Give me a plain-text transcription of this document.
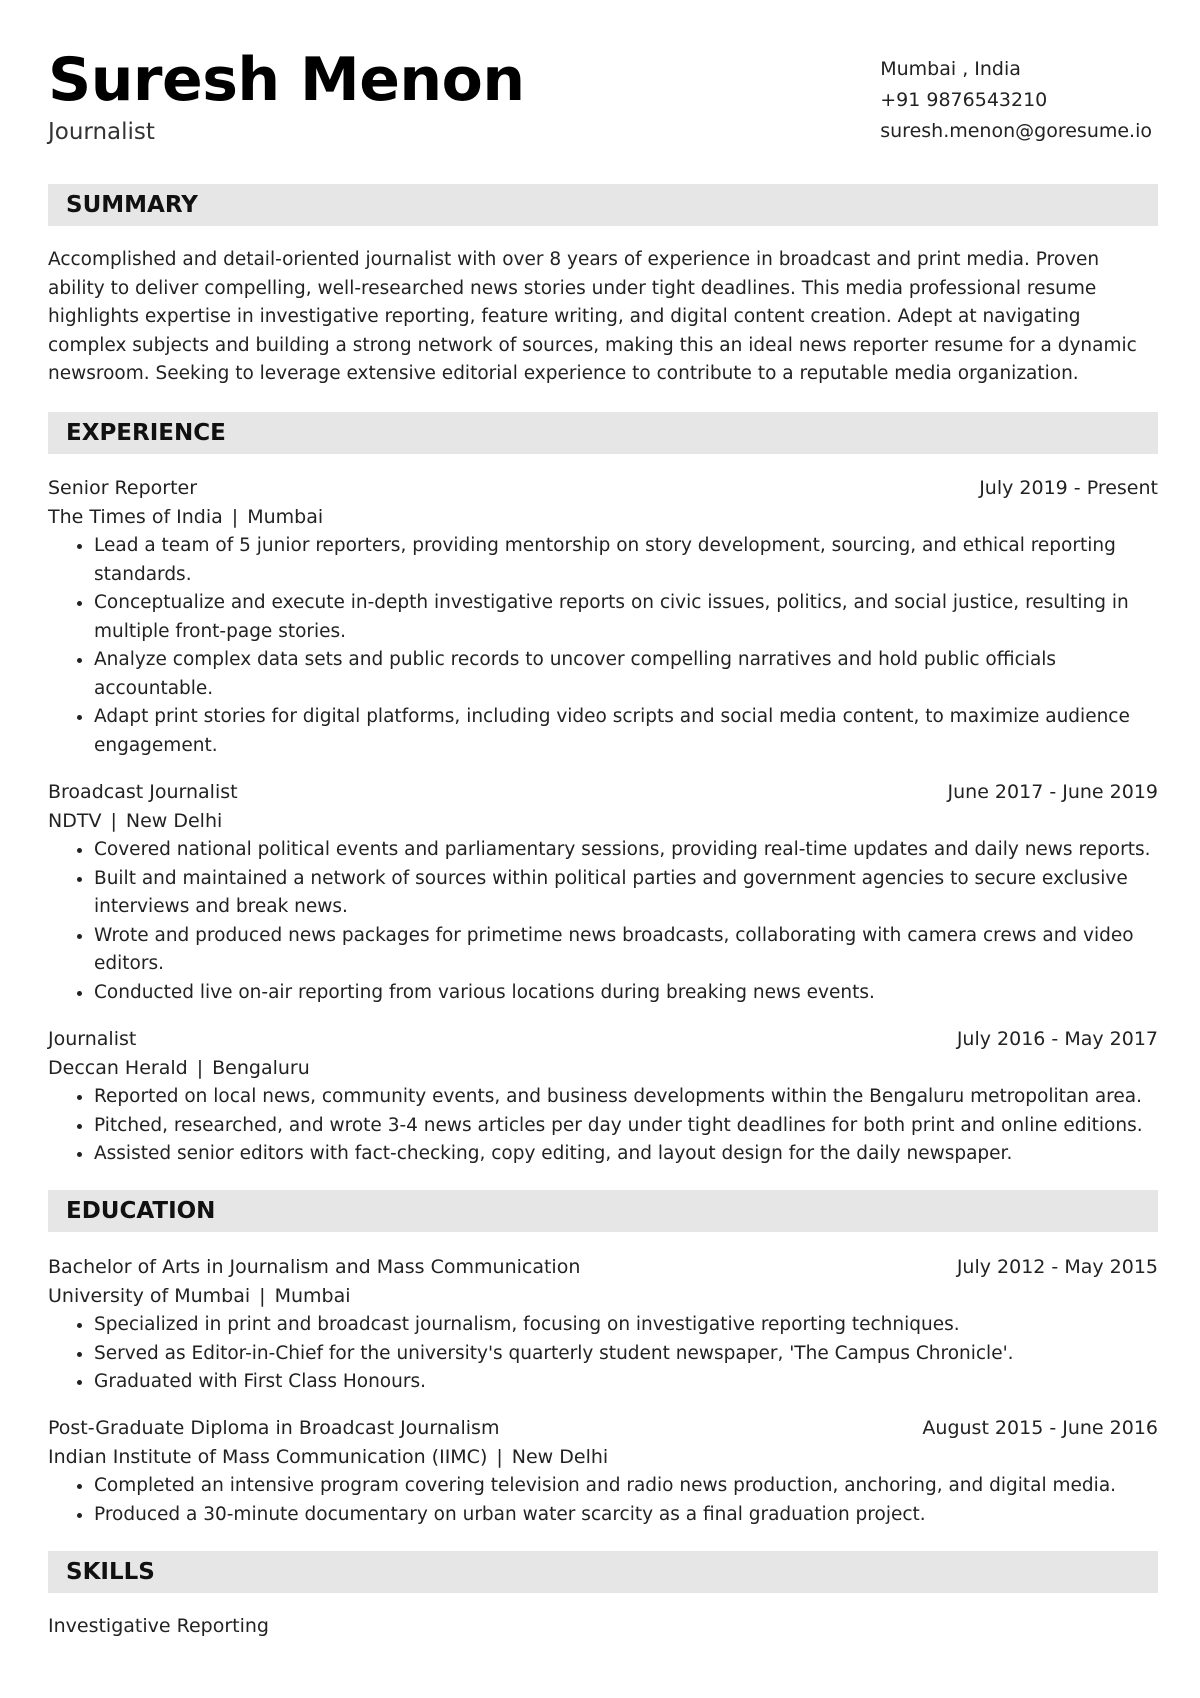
Suresh Menon
Journalist
Mumbai , India
+91 9876543210
suresh.menon@goresume.io
SUMMARY

Accomplished and detail-oriented journalist with over 8 years of experience in broadcast and print media. Proven ability to deliver compelling, well-researched news stories under tight deadlines. This media professional resume highlights expertise in investigative reporting, feature writing, and digital content creation. Adept at navigating complex subjects and building a strong network of sources, making this an ideal news reporter resume for a dynamic newsroom. Seeking to leverage extensive editorial experience to contribute to a reputable media organization.

EXPERIENCE
Senior Reporter	July 2019 - Present
The Times of India | Mumbai
• Lead a team of 5 junior reporters, providing mentorship on story development, sourcing, and ethical reporting standards.
• Conceptualize and execute in-depth investigative reports on civic issues, politics, and social justice, resulting in multiple front-page stories.
• Analyze complex data sets and public records to uncover compelling narratives and hold public officials accountable.
• Adapt print stories for digital platforms, including video scripts and social media content, to maximize audience engagement.
Broadcast Journalist	June 2017 - June 2019
NDTV | New Delhi
• Covered national political events and parliamentary sessions, providing real-time updates and daily news reports.
• Built and maintained a network of sources within political parties and government agencies to secure exclusive interviews and break news.
• Wrote and produced news packages for primetime news broadcasts, collaborating with camera crews and video editors.
• Conducted live on-air reporting from various locations during breaking news events.
Journalist	July 2016 - May 2017
Deccan Herald | Bengaluru
• Reported on local news, community events, and business developments within the Bengaluru metropolitan area.
• Pitched, researched, and wrote 3-4 news articles per day under tight deadlines for both print and online editions.
• Assisted senior editors with fact-checking, copy editing, and layout design for the daily newspaper.
EDUCATION
Bachelor of Arts in Journalism and Mass Communication	July 2012 - May 2015
University of Mumbai | Mumbai
• Specialized in print and broadcast journalism, focusing on investigative reporting techniques.
• Served as Editor-in-Chief for the university's quarterly student newspaper, 'The Campus Chronicle'.
• Graduated with First Class Honours.
Post-Graduate Diploma in Broadcast Journalism	August 2015 - June 2016
Indian Institute of Mass Communication (IIMC) | New Delhi
• Completed an intensive program covering television and radio news production, anchoring, and digital media.
• Produced a 30-minute documentary on urban water scarcity as a final graduation project.
SKILLS
Investigative Reporting
